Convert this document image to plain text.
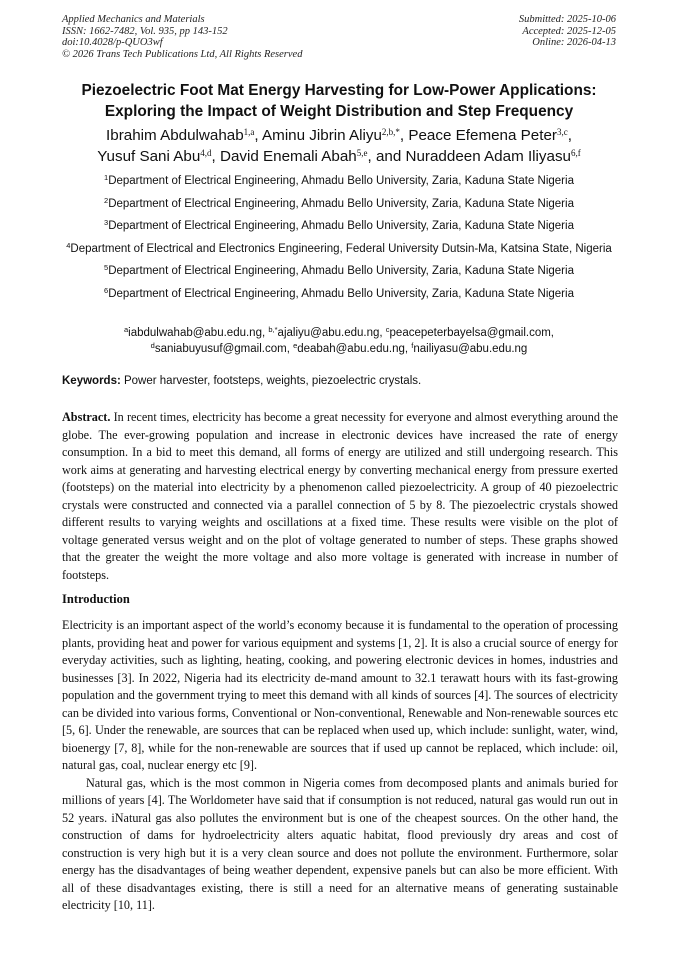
Applied Mechanics and Materials
ISSN: 1662-7482, Vol. 935, pp 143-152
doi:10.4028/p-QUO3wf
© 2026 Trans Tech Publications Ltd, All Rights Reserved
Submitted: 2025-10-06
Accepted: 2025-12-05
Online: 2026-04-13
Piezoelectric Foot Mat Energy Harvesting for Low-Power Applications:
Exploring the Impact of Weight Distribution and Step Frequency
Ibrahim Abdulwahab$^{1,a}$, Aminu Jibrin Aliyu$^{2,b,*}$, Peace Efemena Peter$^{3,c}$,
Yusuf Sani Abu$^{4,d}$, David Enemali Abah$^{5,e}$, and Nuraddeen Adam Iliyasu$^{6,f}$
$^1$Department of Electrical Engineering, Ahmadu Bello University, Zaria, Kaduna State Nigeria
$^2$Department of Electrical Engineering, Ahmadu Bello University, Zaria, Kaduna State Nigeria
$^3$Department of Electrical Engineering, Ahmadu Bello University, Zaria, Kaduna State Nigeria
$^4$Department of Electrical and Electronics Engineering, Federal University Dutsin-Ma, Katsina State, Nigeria
$^5$Department of Electrical Engineering, Ahmadu Bello University, Zaria, Kaduna State Nigeria
$^6$Department of Electrical Engineering, Ahmadu Bello University, Zaria, Kaduna State Nigeria
$^a$iabdulwahab@abu.edu.ng, $^{b,*}$ajaliyu@abu.edu.ng, $^c$peacepeterbayelsa@gmail.com,
$^d$saniabuyusuf@gmail.com, $^e$deabah@abu.edu.ng, $^f$nailiyasu@abu.edu.ng
Keywords: Power harvester, footsteps, weights, piezoelectric crystals.
Abstract. In recent times, electricity has become a great necessity for everyone and almost everything around the globe. The ever-growing population and increase in electronic devices have increased the rate of energy consumption. In a bid to meet this demand, all forms of energy are utilized and still undergoing research. This work aims at generating and harvesting electrical energy by converting mechanical energy from pressure exerted (footsteps) on the material into electricity by a phenomenon called piezoelectricity. A group of 40 piezoelectric crystals were constructed and connected via a parallel connection of 5 by 8. The piezoelectric crystals showed different results to varying weights and oscillations at a fixed time. These results were visible on the plot of voltage generated versus weight and on the plot of voltage generated to number of steps. These graphs showed that the greater the weight the more voltage and also more voltage is generated with increase in number of footsteps.
Introduction

Electricity is an important aspect of the world’s economy because it is fundamental to the operation of processing plants, providing heat and power for various equipment and systems [1, 2]. It is also a crucial source of energy for everyday activities, such as lighting, heating, cooking, and powering electronic devices in homes, industries and businesses [3]. In 2022, Nigeria had its electricity de-mand amount to 32.1 terawatt hours with its fast-growing population and the government trying to meet this demand with all kinds of sources [4]. The sources of electricity can be divided into various forms, Conventional or Non-conventional, Renewable and Non-renewable sources etc [5, 6]. Under the renewable, are sources that can be replaced when used up, which include: sunlight, water, wind, bioenergy [7, 8], while for the non-renewable are sources that if used up cannot be replaced, which include: oil, natural gas, coal, nuclear energy etc [9].

Natural gas, which is the most common in Nigeria comes from decomposed plants and animals buried for millions of years [4]. The Worldometer have said that if consumption is not reduced, natural gas would run out in 52 years. iNatural gas also pollutes the environment but is one of the cheapest sources. On the other hand, the construction of dams for hydroelectricity alters aquatic habitat, flood previously dry areas and cost of construction is very high but it is a very clean source and does not pollute the environment. Furthermore, solar energy has the disadvantages of being weather dependent, expensive panels but can also be more efficient. With all of these disadvantages existing, there is still a need for an alternative means of generating sustainable electricity [10, 11].
